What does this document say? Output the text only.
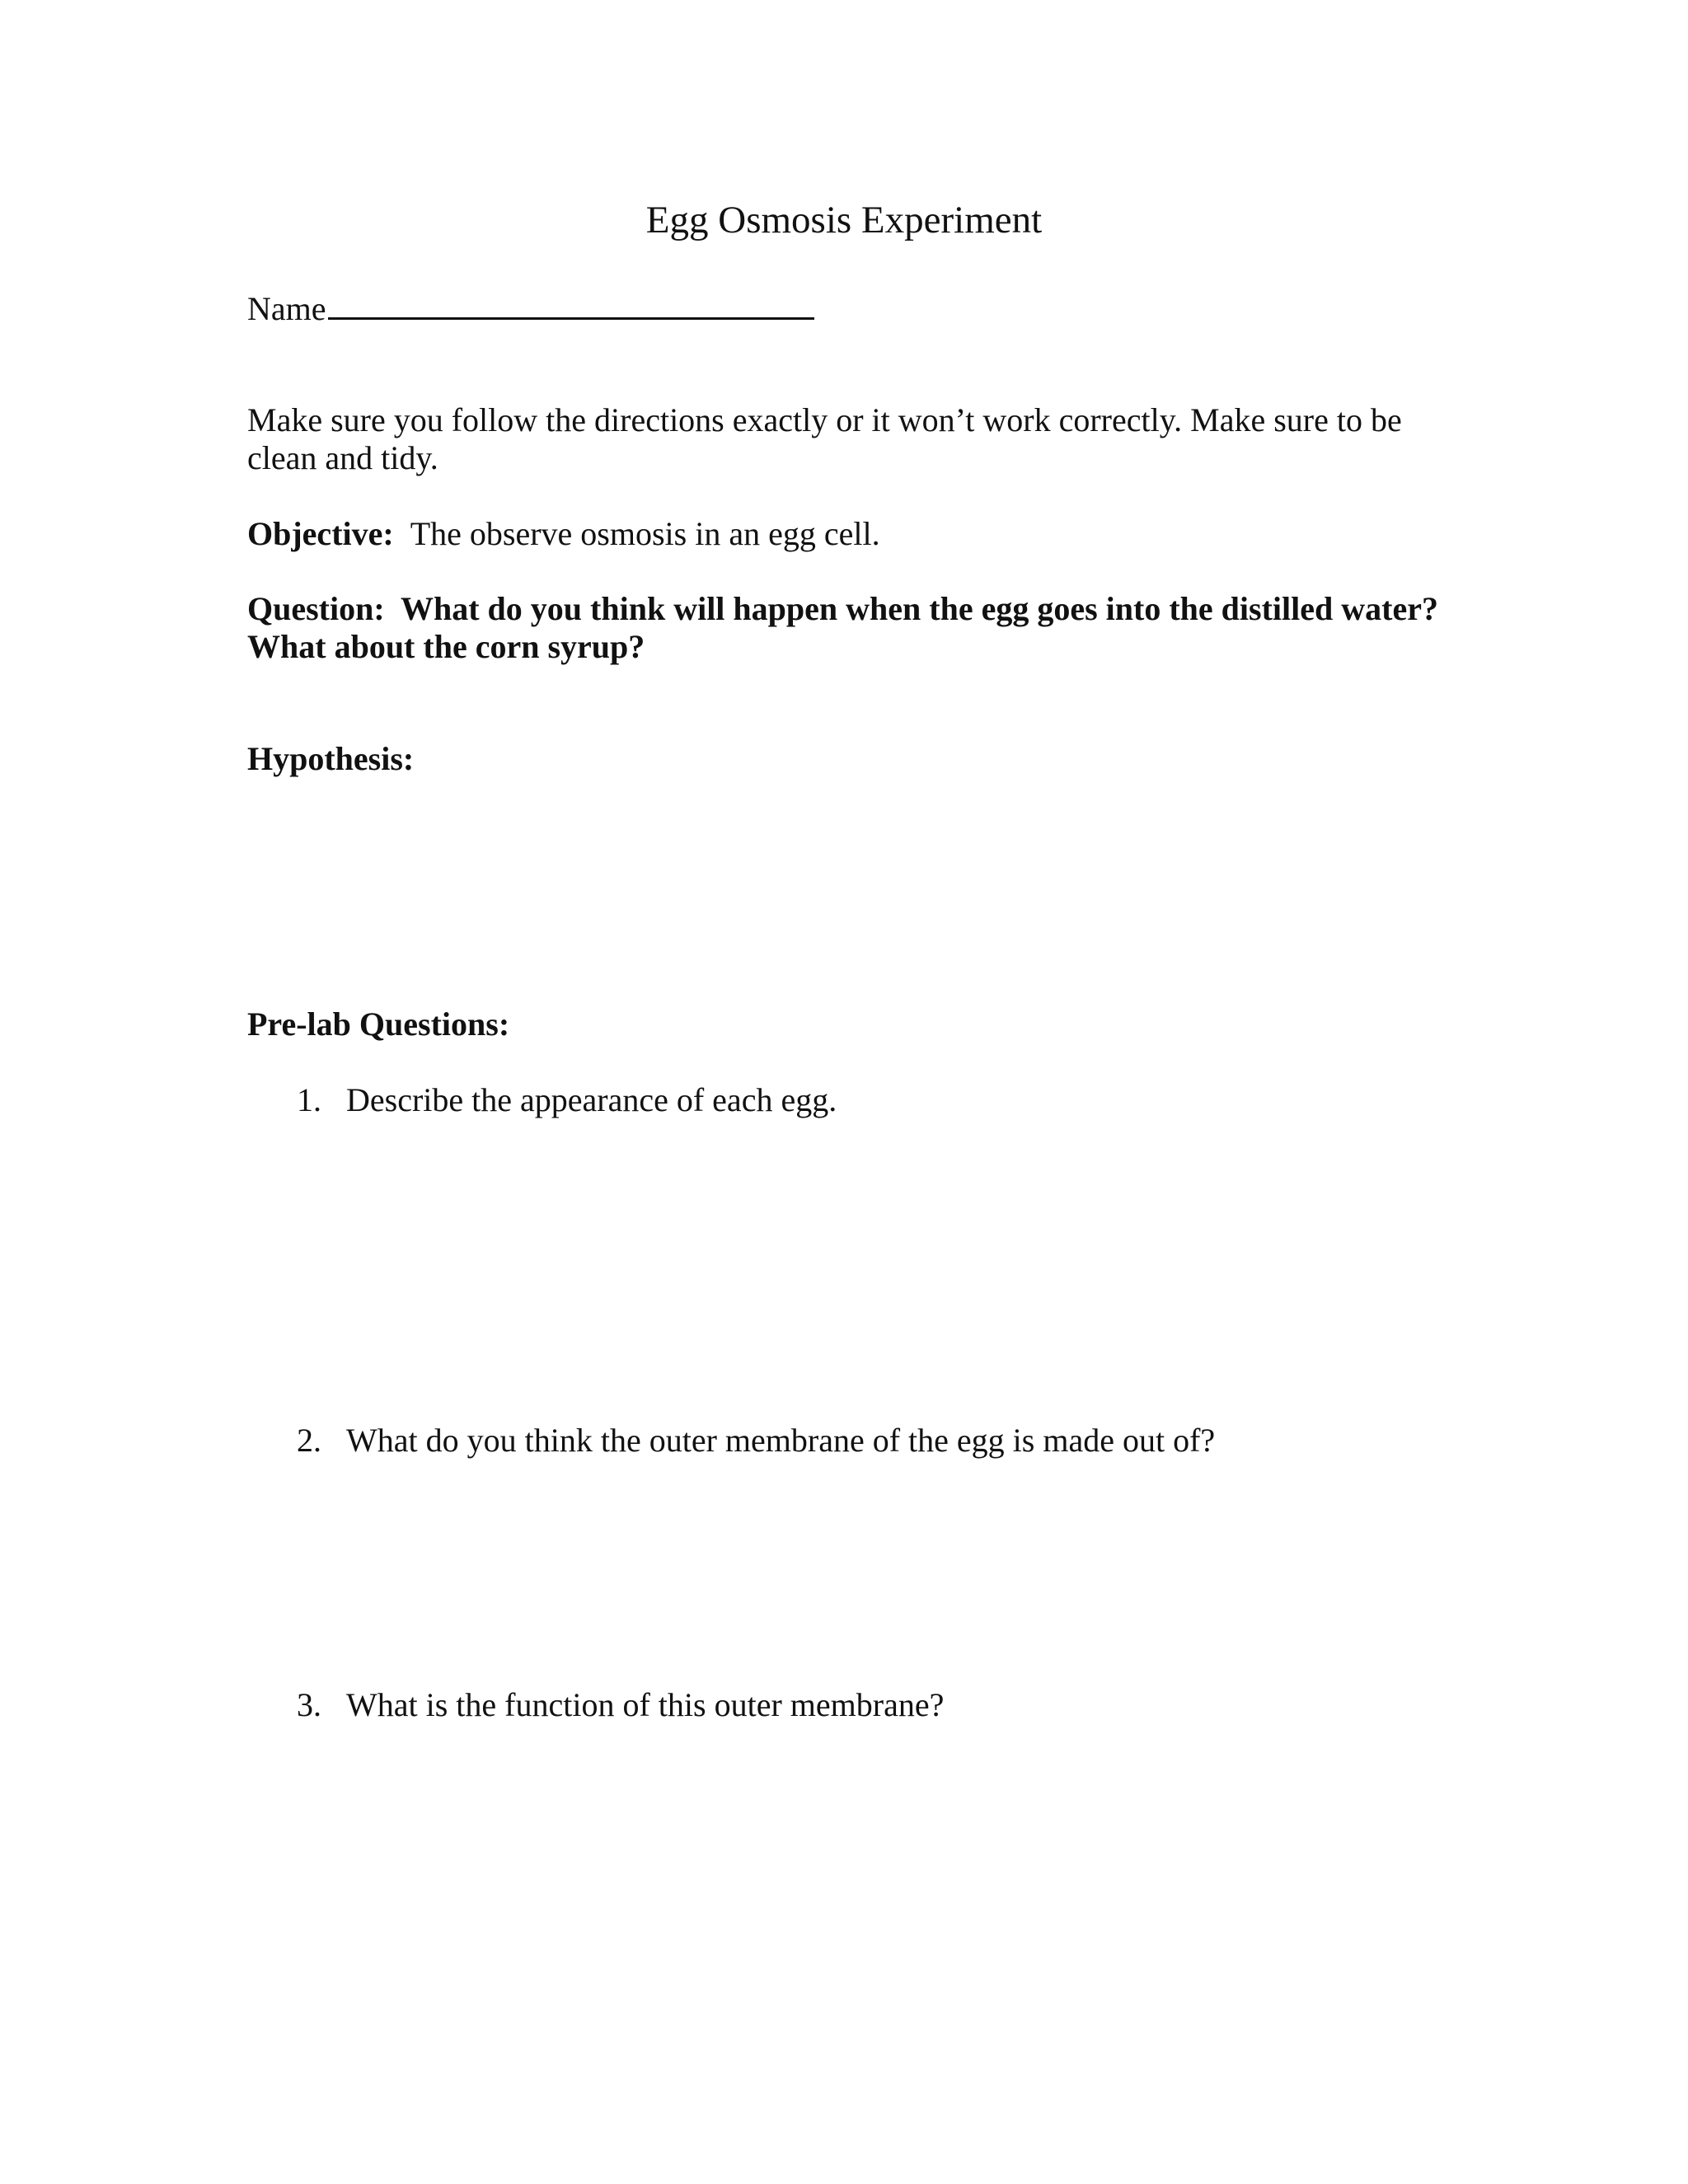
Egg Osmosis Experiment
Name
Make sure you follow the directions exactly or it won’t work correctly. Make sure to be
clean and tidy.
Objective: The observe osmosis in an egg cell.
Question:  What do you think will happen when the egg goes into the distilled water?
What about the corn syrup?
Hypothesis:
Pre-lab Questions:
1. Describe the appearance of each egg.
2. What do you think the outer membrane of the egg is made out of?
3. What is the function of this outer membrane?
